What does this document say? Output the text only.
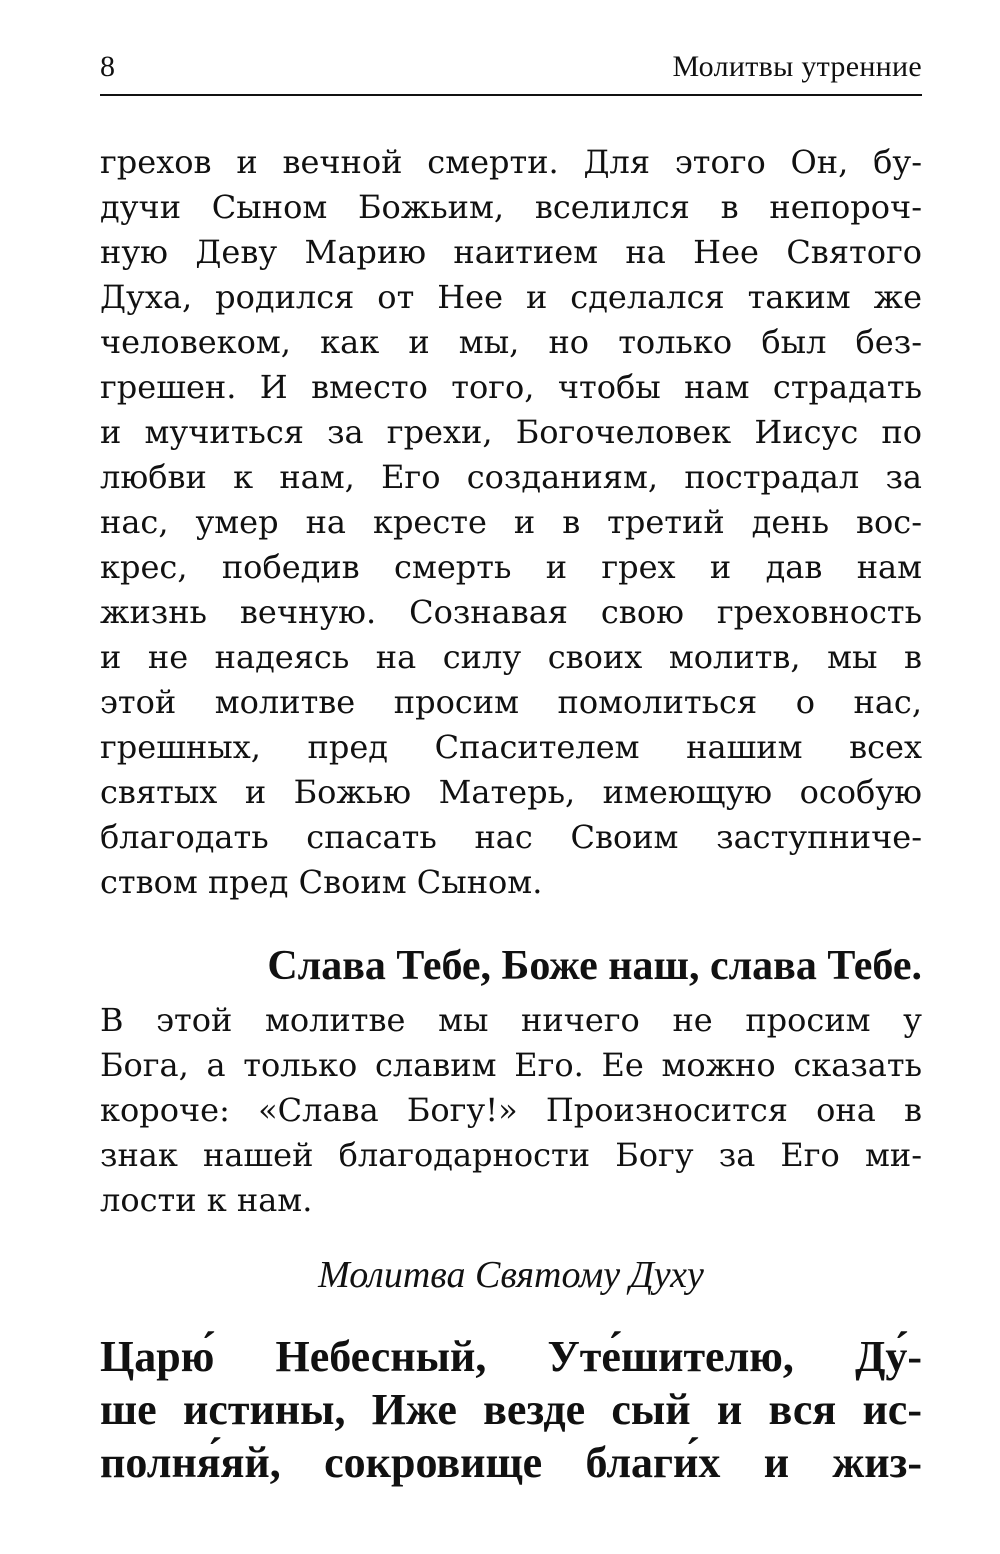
8	Молитвы утренние
грехов и вечной смерти. Для этого Он, бу-
дучи Сыном Божьим, вселился в непороч-
ную Деву Марию наитием на Нее Святого
Духа, родился от Нее и сделался таким же
человеком, как и мы, но только был без-
грешен. И вместо того, чтобы нам страдать
и мучиться за грехи, Богочеловек Иисус по
любви к нам, Его созданиям, пострадал за
нас, умер на кресте и в третий день вос-
крес, победив смерть и грех и дав нам
жизнь вечную. Сознавая свою греховность
и не надеясь на силу своих молитв, мы в
этой молитве просим помолиться о нас,
грешных, пред Спасителем нашим всех
святых и Божью Матерь, имеющую особую
благодать спасать нас Своим заступниче-
ством пред Своим Сыном.
Слава Тебе, Боже наш, слава Тебе.
В этой молитве мы ничего не просим у
Бога, а только славим Его. Ее можно сказать
короче: «Слава Богу!» Произносится она в
знак нашей благодарности Богу за Его ми-
лости к нам.
Молитва Святому Духу
Царю́ Небесный, Уте́шителю, Ду́-
ше истины, Иже везде сый и вся ис-
полня́яй, сокровище благи́х и жиз-
